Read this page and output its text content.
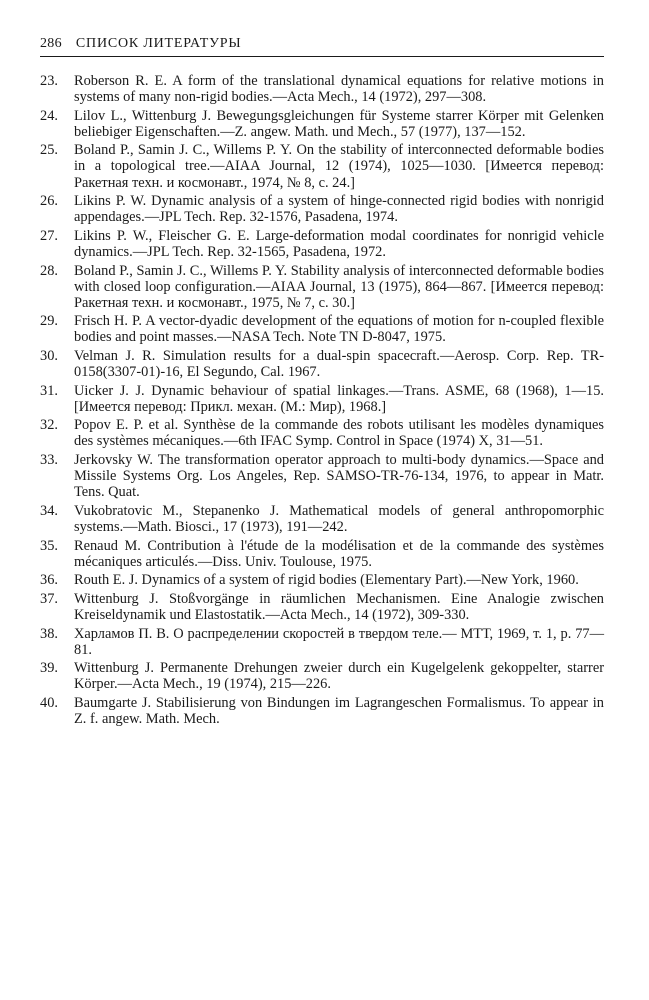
286 СПИСОК ЛИТЕРАТУРЫ
23.	Roberson R. E. A form of the translational dynamical equations for relative motions in systems of many non-rigid bodies.—Acta Mech., 14 (1972), 297—308.
24.	Lilov L., Wittenburg J. Bewegungsgleichungen für Systeme starrer Körper mit Gelenken beliebiger Eigenschaften.—Z. angew. Math. und Mech., 57 (1977), 137—152.
25.	Boland P., Samin J. C., Willems P. Y. On the stability of interconnected deformable bodies in a topological tree.—AIAA Journal, 12 (1974), 1025—1030. [Имеется перевод: Ракетная техн. и космонавт., 1974, № 8, с. 24.]
26.	Likins P. W. Dynamic analysis of a system of hinge-connected rigid bodies with nonrigid appendages.—JPL Tech. Rep. 32-1576, Pasadena, 1974.
27.	Likins P. W., Fleischer G. E. Large-deformation modal coordinates for nonrigid vehicle dynamics.—JPL Tech. Rep. 32-1565, Pasadena, 1972.
28.	Boland P., Samin J. C., Willems P. Y. Stability analysis of interconnected deformable bodies with closed loop configuration.—AIAA Journal, 13 (1975), 864—867. [Имеется перевод: Ракетная техн. и космонавт., 1975, № 7, с. 30.]
29.	Frisch H. P. A vector-dyadic development of the equations of motion for n-coupled flexible bodies and point masses.—NASA Tech. Note TN D-8047, 1975.
30.	Velman J. R. Simulation results for a dual-spin spacecraft.—Aerosp. Corp. Rep. TR-0158(3307-01)-16, El Segundo, Cal. 1967.
31.	Uicker J. J. Dynamic behaviour of spatial linkages.—Trans. ASME, 68 (1968), 1—15. [Имеется перевод: Прикл. механ. (М.: Мир), 1968.]
32.	Popov E. P. et al. Synthèse de la commande des robots utilisant les modèles dynamiques des systèmes mécaniques.—6th IFAC Symp. Control in Space (1974) X, 31—51.
33.	Jerkovsky W. The transformation operator approach to multi-body dynamics.—Space and Missile Systems Org. Los Angeles, Rep. SAMSO-TR-76-134, 1976, to appear in Matr. Tens. Quat.
34.	Vukobratovic M., Stepanenko J. Mathematical models of general anthropomorphic systems.—Math. Biosci., 17 (1973), 191—242.
35.	Renaud M. Contribution à l'étude de la modélisation et de la commande des systèmes mécaniques articulés.—Diss. Univ. Toulouse, 1975.
36.	Routh E. J. Dynamics of a system of rigid bodies (Elementary Part).—New York, 1960.
37.	Wittenburg J. Stoßvorgänge in räumlichen Mechanismen. Eine Analogie zwischen Kreiseldynamik und Elastostatik.—Acta Mech., 14 (1972), 309-330.
38.	Харламов П. В. О распределении скоростей в твердом теле.— МТТ, 1969, т. 1, р. 77—81.
39.	Wittenburg J. Permanente Drehungen zweier durch ein Kugelgelenk gekoppelter, starrer Körper.—Acta Mech., 19 (1974), 215—226.
40.	Baumgarte J. Stabilisierung von Bindungen im Lagrangeschen Formalismus. To appear in Z. f. angew. Math. Mech.
